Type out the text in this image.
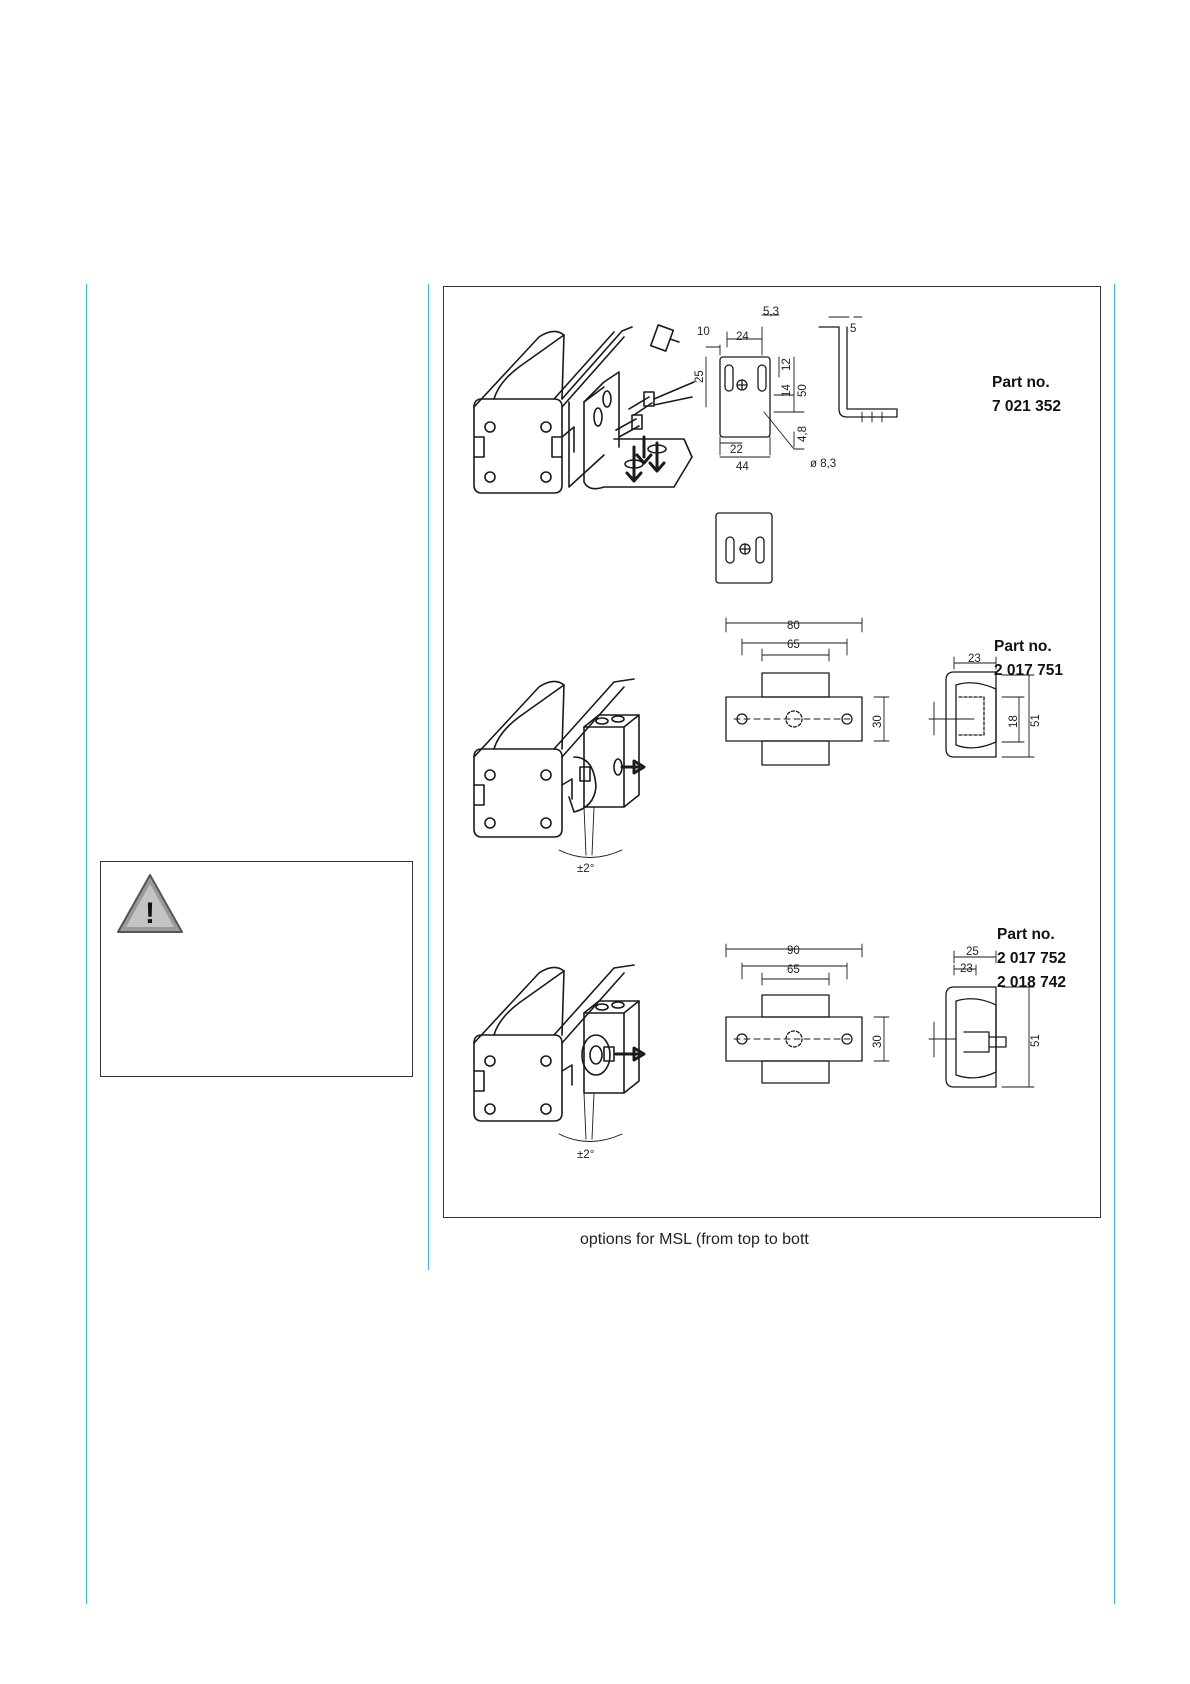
!
5,3
10 24
5
25
14
12
50
4,8
22
44	ø 8,3
±2°
80
65
30
23
18 51
±2°
90
65
30
25
23
51
Part no.
7 021 352
Part no.
2 017 751
Part no.
2 017 752
2 018 742
options for MSL (from top to bott
